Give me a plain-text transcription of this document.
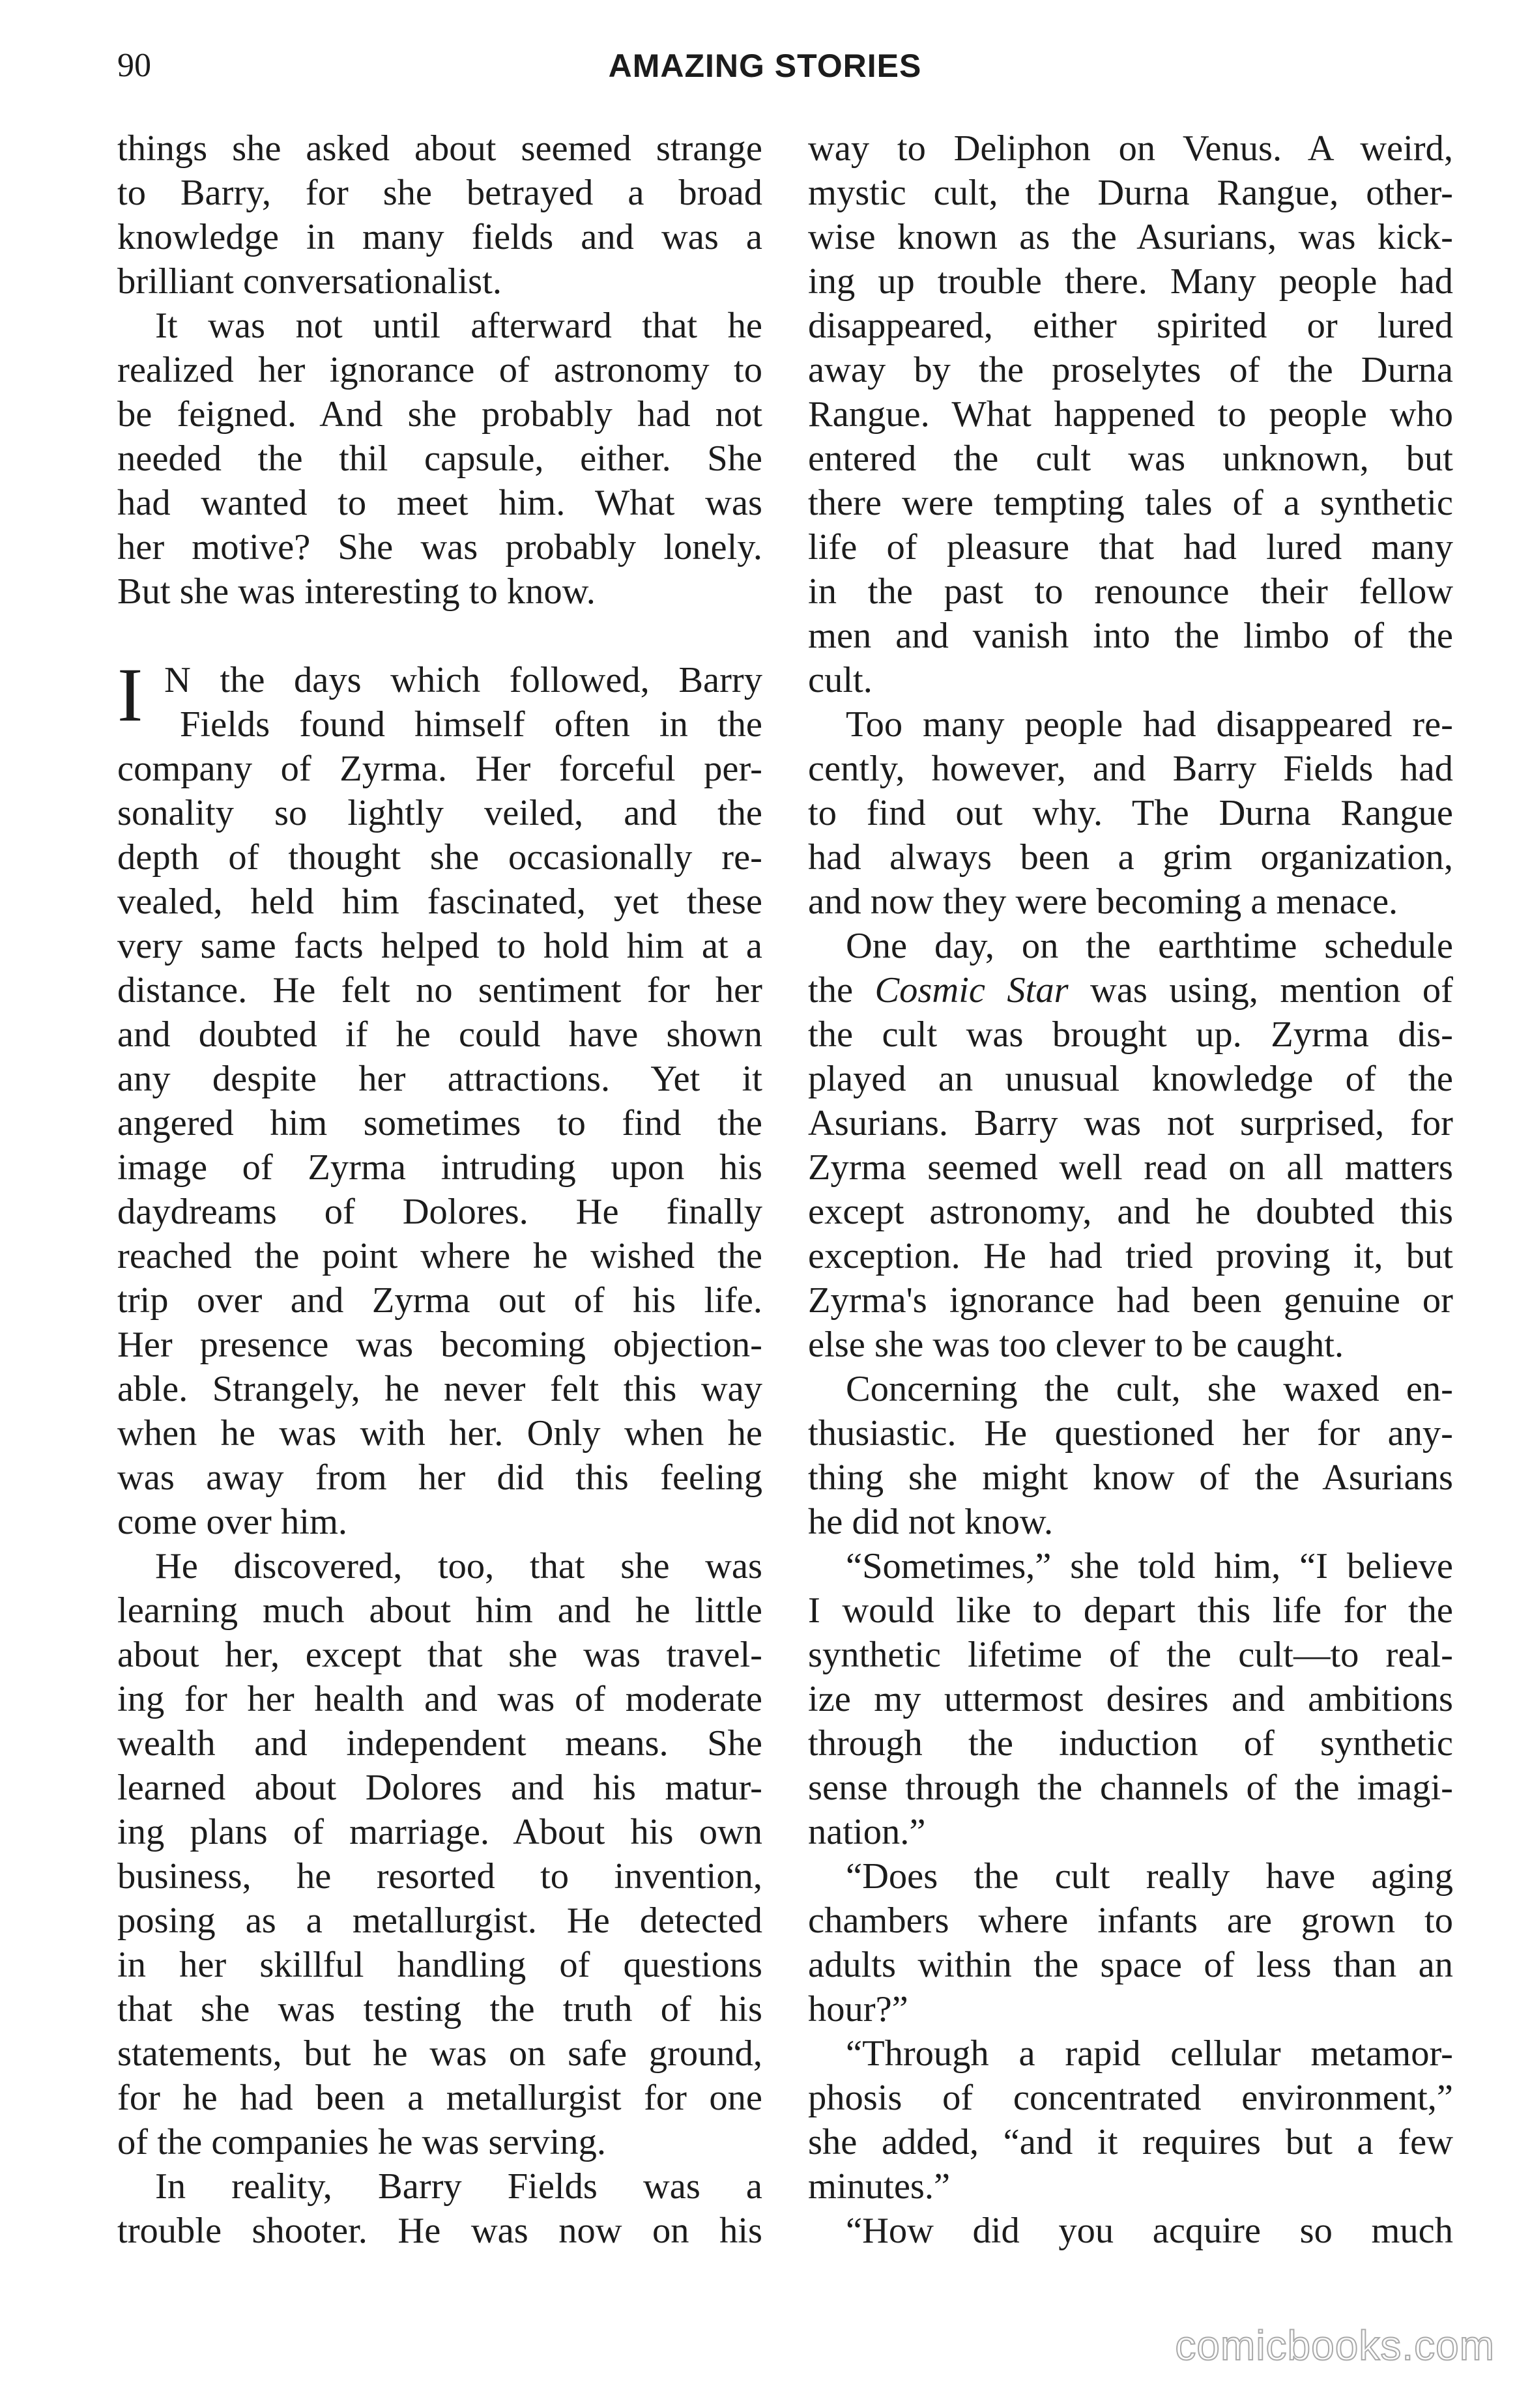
90	AMAZING STORIES
things she asked about seemed strange
to Barry, for she betrayed a broad
knowledge in many fields and was a
brilliant conversationalist.
It was not until afterward that he
realized her ignorance of astronomy to
be feigned. And she probably had not
needed the thil capsule, either. She
had wanted to meet him. What was
her motive? She was probably lonely.
But she was interesting to know.
I N the days which followed, Barry
Fields found himself often in the
company of Zyrma. Her forceful per-
sonality so lightly veiled, and the
depth of thought she occasionally re-
vealed, held him fascinated, yet these
very same facts helped to hold him at a
distance. He felt no sentiment for her
and doubted if he could have shown
any despite her attractions. Yet it
angered him sometimes to find the
image of Zyrma intruding upon his
daydreams of Dolores. He finally
reached the point where he wished the
trip over and Zyrma out of his life.
Her presence was becoming objection-
able. Strangely, he never felt this way
when he was with her. Only when he
was away from her did this feeling
come over him.
He discovered, too, that she was
learning much about him and he little
about her, except that she was travel-
ing for her health and was of moderate
wealth and independent means. She
learned about Dolores and his matur-
ing plans of marriage. About his own
business, he resorted to invention,
posing as a metallurgist. He detected
in her skillful handling of questions
that she was testing the truth of his
statements, but he was on safe ground,
for he had been a metallurgist for one
of the companies he was serving.
In reality, Barry Fields was a
trouble shooter. He was now on his
way to Deliphon on Venus. A weird,
mystic cult, the Durna Rangue, other-
wise known as the Asurians, was kick-
ing up trouble there. Many people had
disappeared, either spirited or lured
away by the proselytes of the Durna
Rangue. What happened to people who
entered the cult was unknown, but
there were tempting tales of a synthetic
life of pleasure that had lured many
in the past to renounce their fellow
men and vanish into the limbo of the
cult.
Too many people had disappeared re-
cently, however, and Barry Fields had
to find out why. The Durna Rangue
had always been a grim organization,
and now they were becoming a menace.
One day, on the earthtime schedule
the Cosmic Star was using, mention of
the cult was brought up. Zyrma dis-
played an unusual knowledge of the
Asurians. Barry was not surprised, for
Zyrma seemed well read on all matters
except astronomy, and he doubted this
exception. He had tried proving it, but
Zyrma's ignorance had been genuine or
else she was too clever to be caught.
Concerning the cult, she waxed en-
thusiastic. He questioned her for any-
thing she might know of the Asurians
he did not know.
“Sometimes,” she told him, “I believe
I would like to depart this life for the
synthetic lifetime of the cult—to real-
ize my uttermost desires and ambitions
through the induction of synthetic
sense through the channels of the imagi-
nation.”
“Does the cult really have aging
chambers where infants are grown to
adults within the space of less than an
hour?”
“Through a rapid cellular metamor-
phosis of concentrated environment,”
she added, “and it requires but a few
minutes.”
“How did you acquire so much
comicbooks.com
